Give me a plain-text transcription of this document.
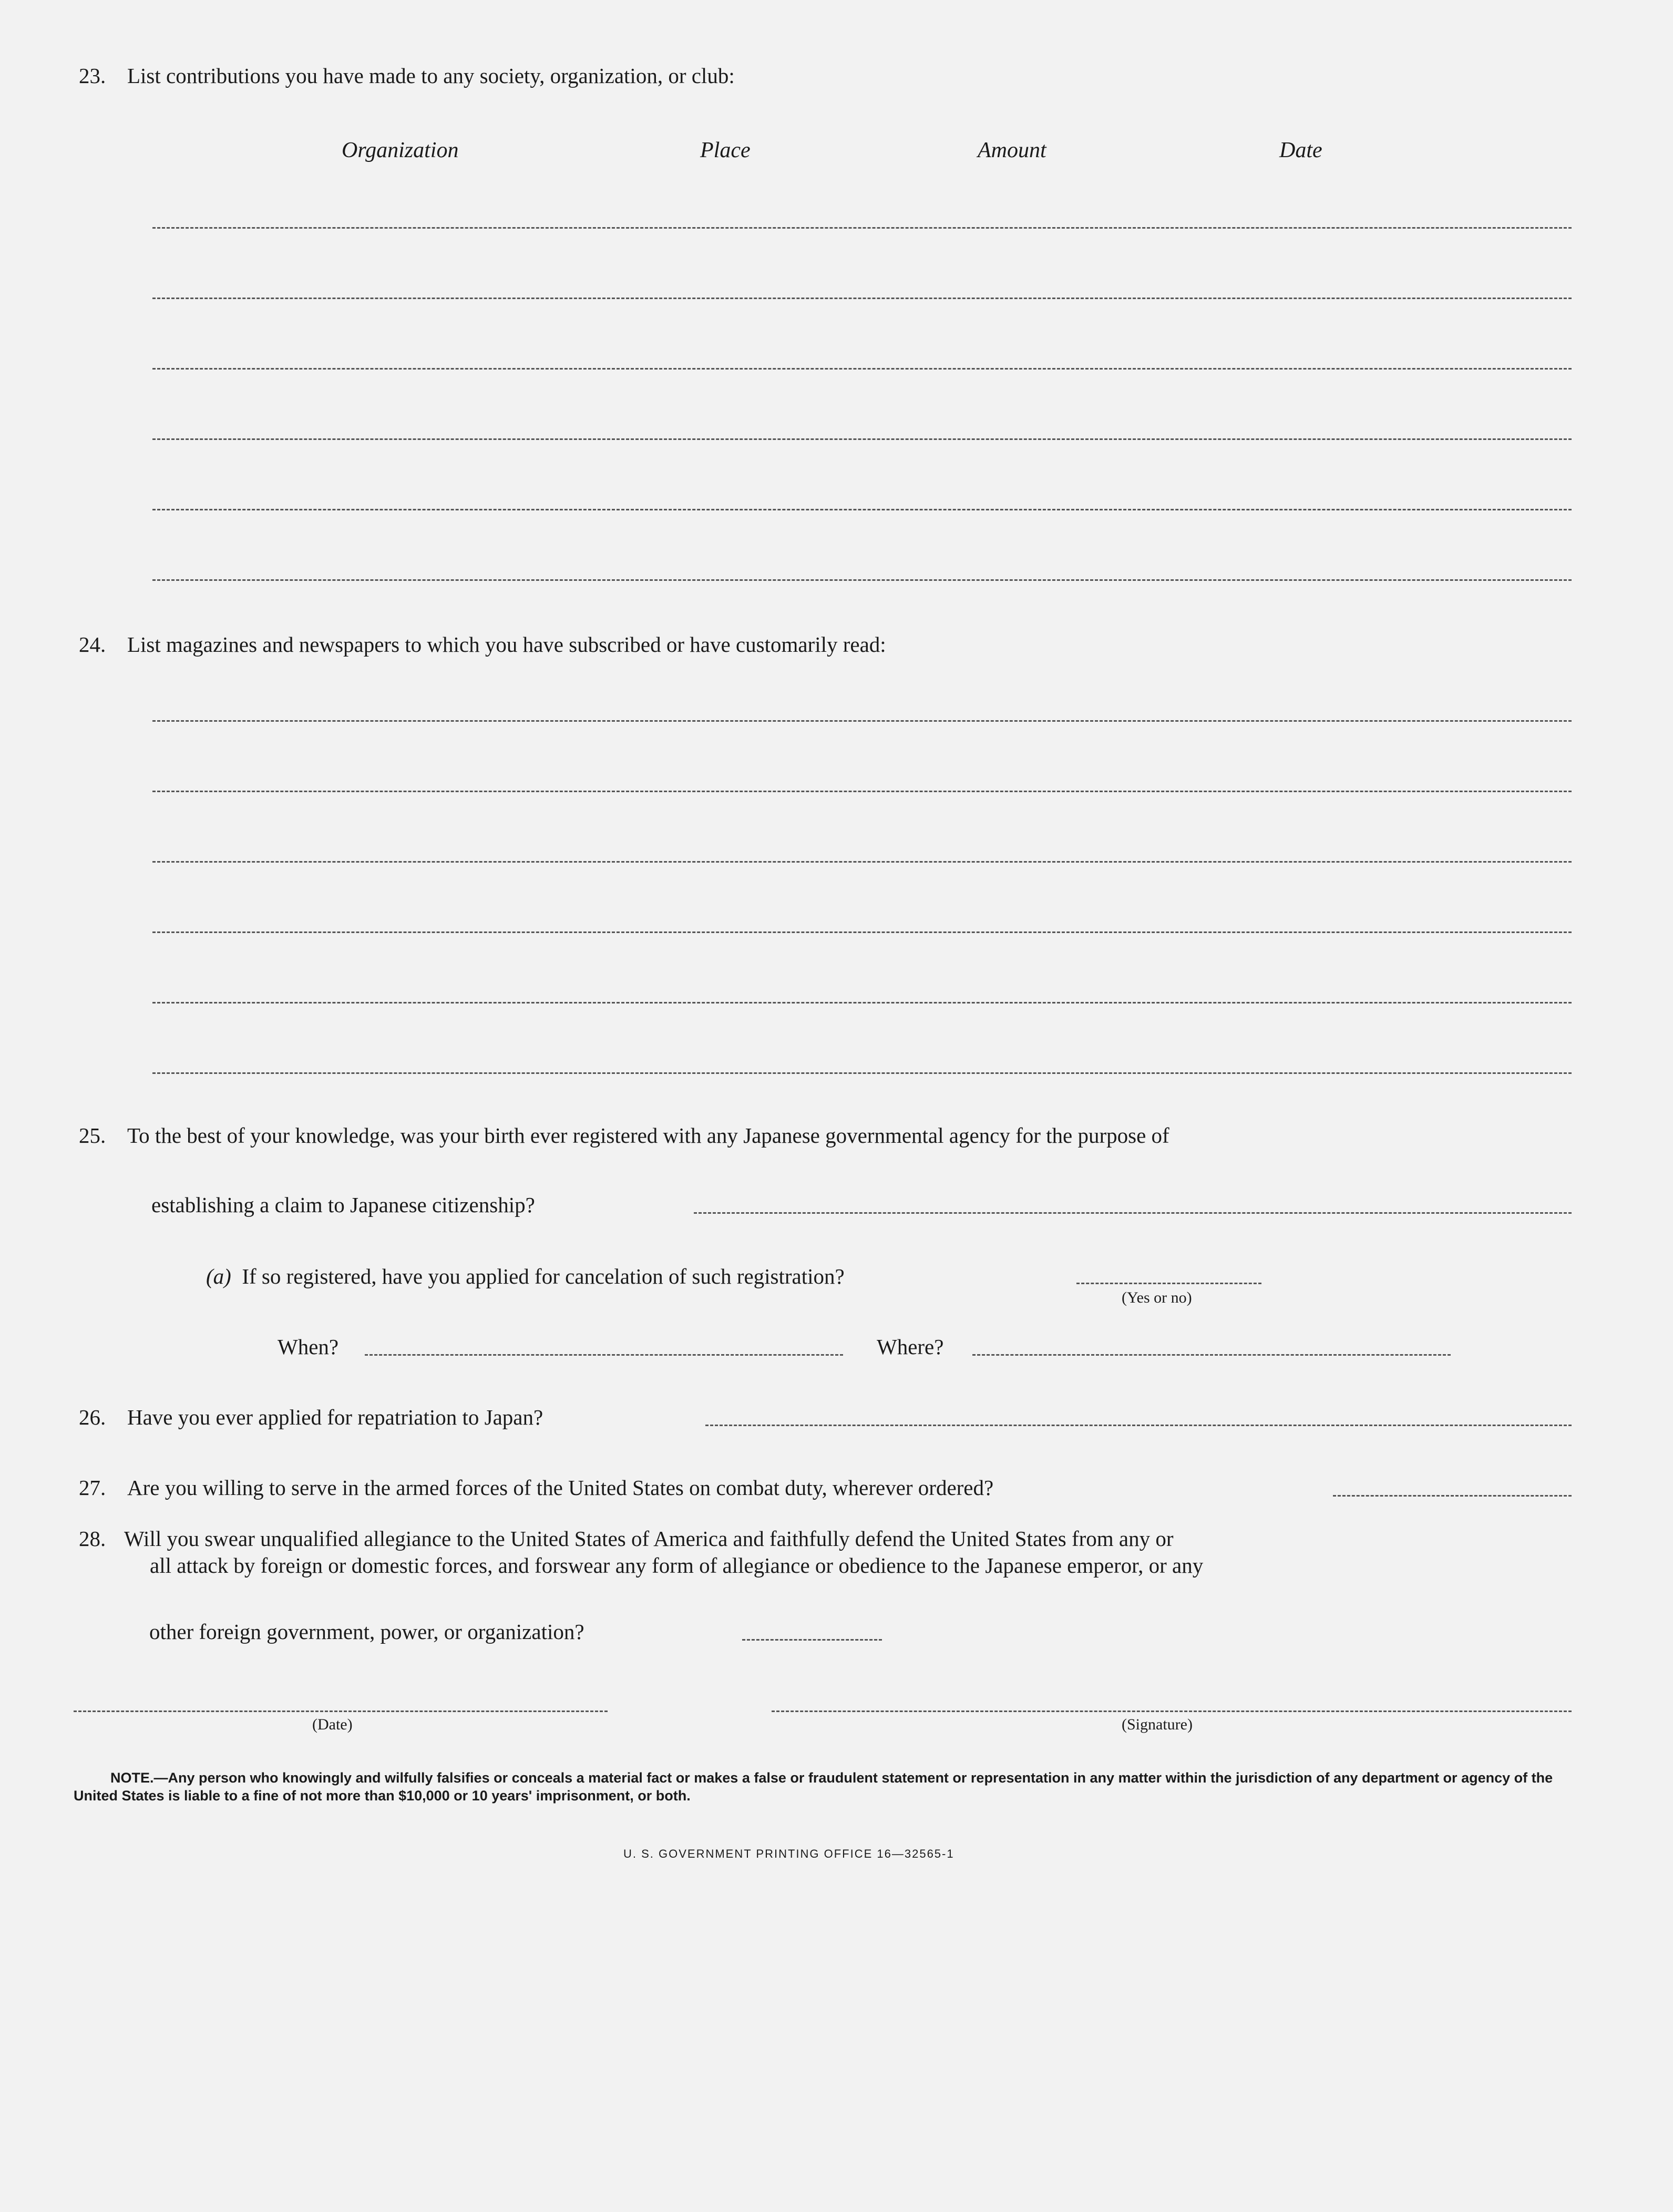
23. List contributions you have made to any society, organization, or club:
Organization	Place	Amount	Date
24. List magazines and newspapers to which you have subscribed or have customarily read:
25. To the best of your knowledge, was your birth ever registered with any Japanese governmental agency for the purpose of
establishing a claim to Japanese citizenship?
(a) If so registered, have you applied for cancelation of such registration?
(Yes or no)
When?	Where?
26. Have you ever applied for repatriation to Japan?
27. Are you willing to serve in the armed forces of the United States on combat duty, wherever ordered?
28. Will you swear unqualified allegiance to the United States of America and faithfully defend the United States from any or
all attack by foreign or domestic forces, and forswear any form of allegiance or obedience to the Japanese emperor, or any
other foreign government, power, or organization?
(Date)	(Signature)
NOTE.—Any person who knowingly and wilfully falsifies or conceals a material fact or makes a false or fraudulent statement or representation in any matter within the jurisdiction of any department or agency of the United States is liable to a fine of not more than $10,000 or 10 years' imprisonment, or both.
U. S. GOVERNMENT PRINTING OFFICE 16—32565-1
